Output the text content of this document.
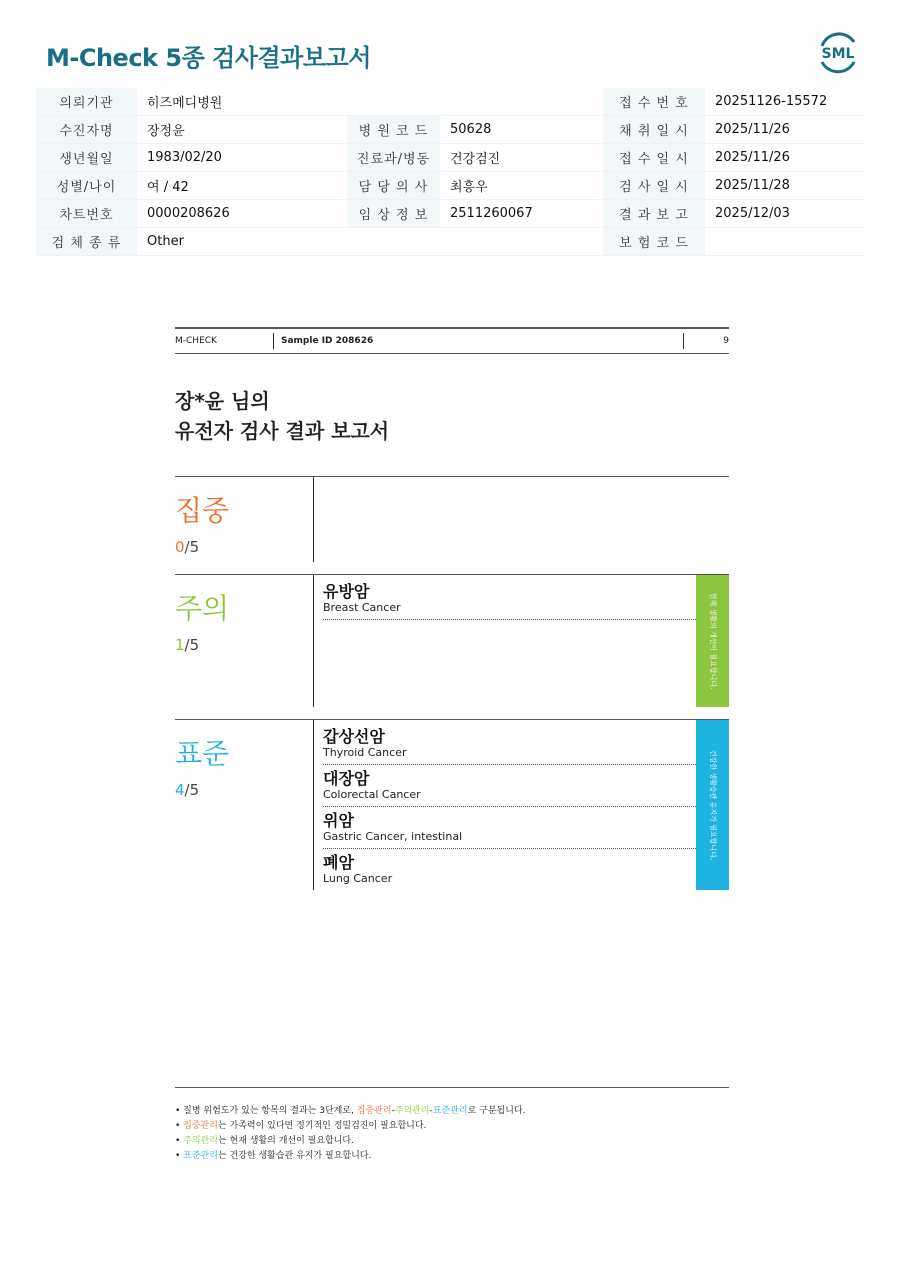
M-Check 5종 검사결과보고서	SML
의뢰기관	히즈메디병원			접 수 번 호	20251126-15572
수진자명	장정윤	병 원 코 드	50628	채 취 일 시	2025/11/26
생년월일	1983/02/20	진료과/병동	건강검진	접 수 일 시	2025/11/26
성별/나이	여 / 42	담 당 의 사	최흥우	검 사 일 시	2025/11/28
차트번호	0000208626	임 상 정 보	2511260067	결 과 보 고	2025/12/03
검 체 종 류	Other			보 험 코 드	
M-CHECK	Sample ID 208626	9
장*윤 님의
유전자 검사 결과 보고서
집중
0/5
주의
1/5
유방암
Breast Cancer	현재 생활의 개선이 필요합니다.
표준
4/5
갑상선암
Thyroid Cancer
대장암
Colorectal Cancer
위암
Gastric Cancer, intestinal
폐암
Lung Cancer
건강한 생활습관 유지가 필요합니다.
• 질병 위험도가 있는 항목의 결과는 3단계로, 집중관리-주의관리-표준관리로 구분됩니다.
• 집중관리는 가족력이 있다면 정기적인 정밀검진이 필요합니다.
• 주의관리는 현재 생활의 개선이 필요합니다.
• 표준관리는 건강한 생활습관 유지가 필요합니다.
